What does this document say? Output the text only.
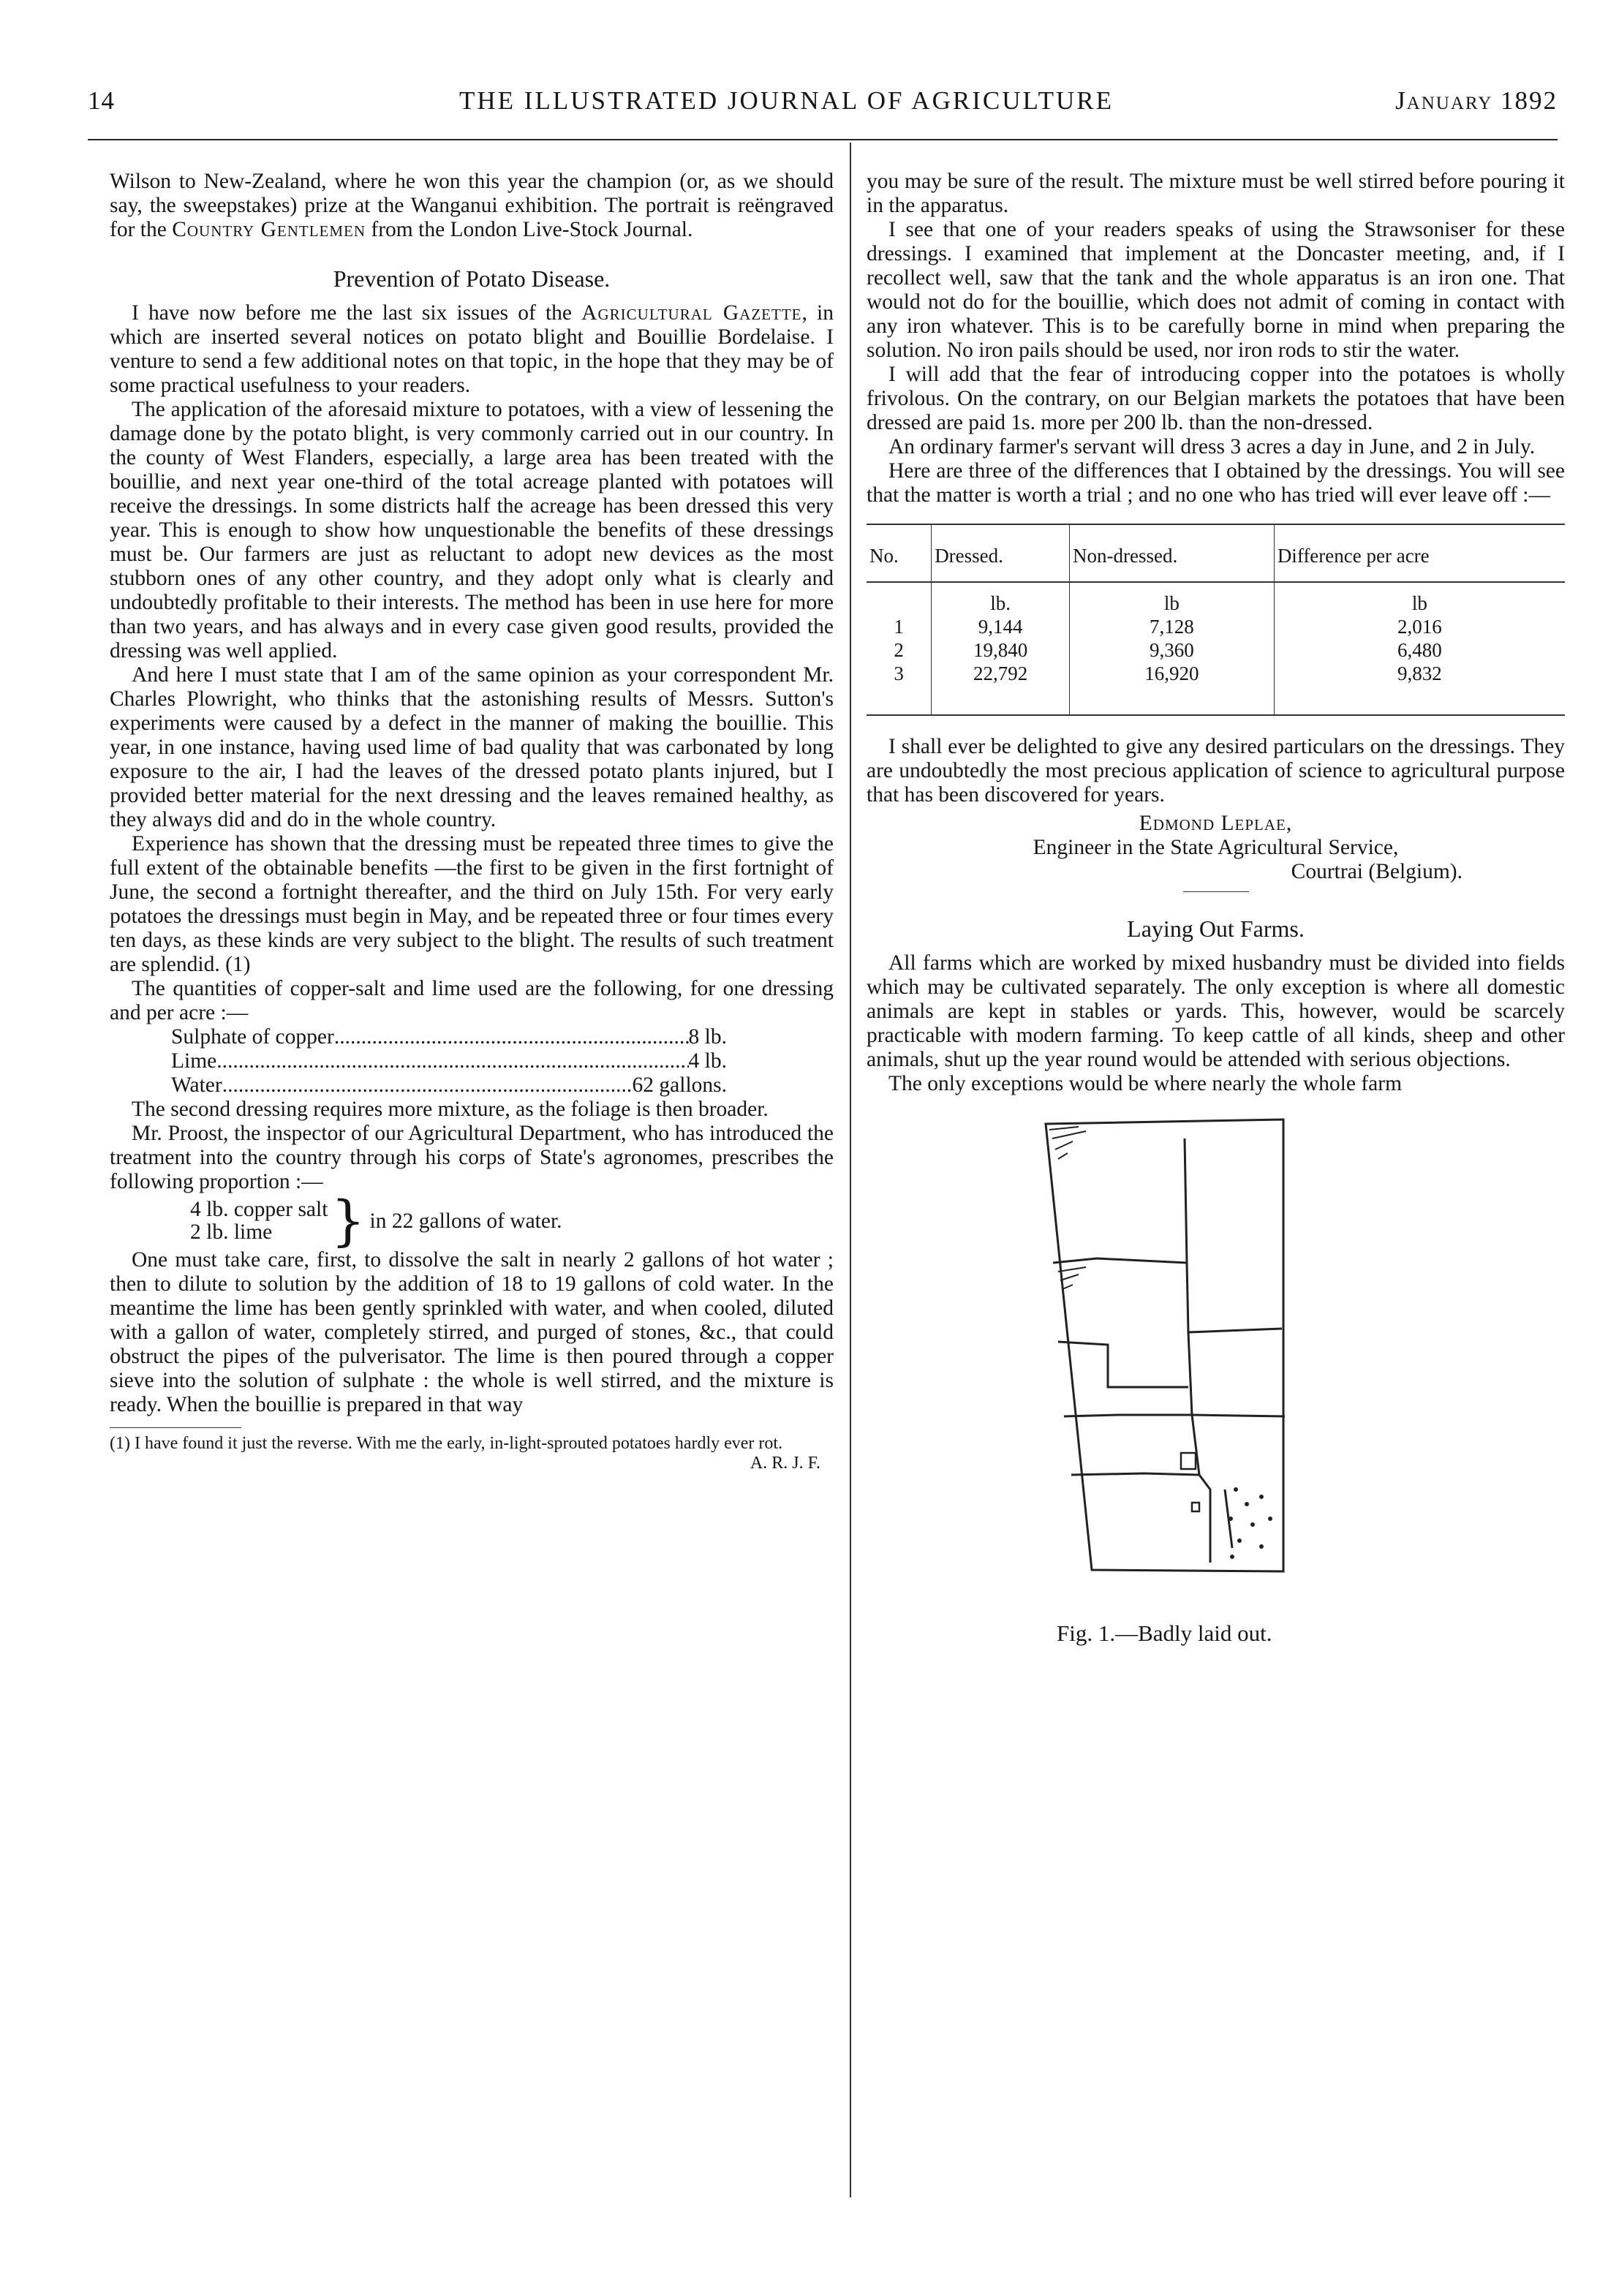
14	THE ILLUSTRATED JOURNAL OF AGRICULTURE	January 1892

Wilson to New-Zealand, where he won this year the champion (or, as we should say, the sweepstakes) prize at the Wanganui exhibition. The portrait is reëngraved for the Country Gentlemen from the London Live-Stock Journal.

Prevention of Potato Disease.

I have now before me the last six issues of the Agricultural Gazette, in which are inserted several notices on potato blight and Bouillie Bordelaise. I venture to send a few additional notes on that topic, in the hope that they may be of some practical usefulness to your readers.

The application of the aforesaid mixture to potatoes, with a view of lessening the damage done by the potato blight, is very commonly carried out in our country. In the county of West Flanders, especially, a large area has been treated with the bouillie, and next year one-third of the total acreage planted with potatoes will receive the dressings. In some districts half the acreage has been dressed this very year. This is enough to show how unquestionable the benefits of these dressings must be. Our farmers are just as reluctant to adopt new devices as the most stubborn ones of any other country, and they adopt only what is clearly and undoubtedly profitable to their interests. The method has been in use here for more than two years, and has always and in every case given good results, provided the dressing was well applied.

And here I must state that I am of the same opinion as your correspondent Mr. Charles Plowright, who thinks that the astonishing results of Messrs. Sutton's experiments were caused by a defect in the manner of making the bouillie. This year, in one instance, having used lime of bad quality that was carbonated by long exposure to the air, I had the leaves of the dressed potato plants injured, but I provided better material for the next dressing and the leaves remained healthy, as they always did and do in the whole country.

Experience has shown that the dressing must be repeated three times to give the full extent of the obtainable benefits —the first to be given in the first fortnight of June, the second a fortnight thereafter, and the third on July 15th. For very early potatoes the dressings must begin in May, and be repeated three or four times every ten days, as these kinds are very subject to the blight. The results of such treatment are splendid. (1)

The quantities of copper-salt and lime used are the following, for one dressing and per acre :—

Sulphate of copper .....	8 lb.
Lime .....	4 lb.
Water .....	62 gallons.

The second dressing requires more mixture, as the foliage is then broader.

Mr. Proost, the inspector of our Agricultural Department, who has introduced the treatment into the country through his corps of State's agronomes, prescribes the following proportion :—

4 lb. copper salt
2 lb. lime	} in 22 gallons of water.

One must take care, first, to dissolve the salt in nearly 2 gallons of hot water ; then to dilute to solution by the addition of 18 to 19 gallons of cold water. In the meantime the lime has been gently sprinkled with water, and when cooled, diluted with a gallon of water, completely stirred, and purged of stones, &c., that could obstruct the pipes of the pulverisator. The lime is then poured through a copper sieve into the solution of sulphate : the whole is well stirred, and the mixture is ready. When the bouillie is prepared in that way

(1) I have found it just the reverse. With me the early, in-light-sprouted potatoes hardly ever rot.
A. R. J. F.

you may be sure of the result. The mixture must be well stirred before pouring it in the apparatus.

I see that one of your readers speaks of using the Strawsoniser for these dressings. I examined that implement at the Doncaster meeting, and, if I recollect well, saw that the tank and the whole apparatus is an iron one. That would not do for the bouillie, which does not admit of coming in contact with any iron whatever. This is to be carefully borne in mind when preparing the solution. No iron pails should be used, nor iron rods to stir the water.

I will add that the fear of introducing copper into the potatoes is wholly frivolous. On the contrary, on our Belgian markets the potatoes that have been dressed are paid 1s. more per 200 lb. than the non-dressed.

An ordinary farmer's servant will dress 3 acres a day in June, and 2 in July.

Here are three of the differences that I obtained by the dressings. You will see that the matter is worth a trial ; and no one who has tried will ever leave off :—

No.	Dressed.	Non-dressed.	Difference per acre
	lb.	lb	lb
1	9,144	7,128	2,016
2	19,840	9,360	6,480
3	22,792	16,920	9,832

I shall ever be delighted to give any desired particulars on the dressings. They are undoubtedly the most precious application of science to agricultural purpose that has been discovered for years.

Edmond Leplae,
Engineer in the State Agricultural Service,
Courtrai (Belgium).
Laying Out Farms.

All farms which are worked by mixed husbandry must be divided into fields which may be cultivated separately. The only exception is where all domestic animals are kept in stables or yards. This, however, would be scarcely practicable with modern farming. To keep cattle of all kinds, sheep and other animals, shut up the year round would be attended with serious objections.

The only exceptions would be where nearly the whole farm

Fig. 1.—Badly laid out.
